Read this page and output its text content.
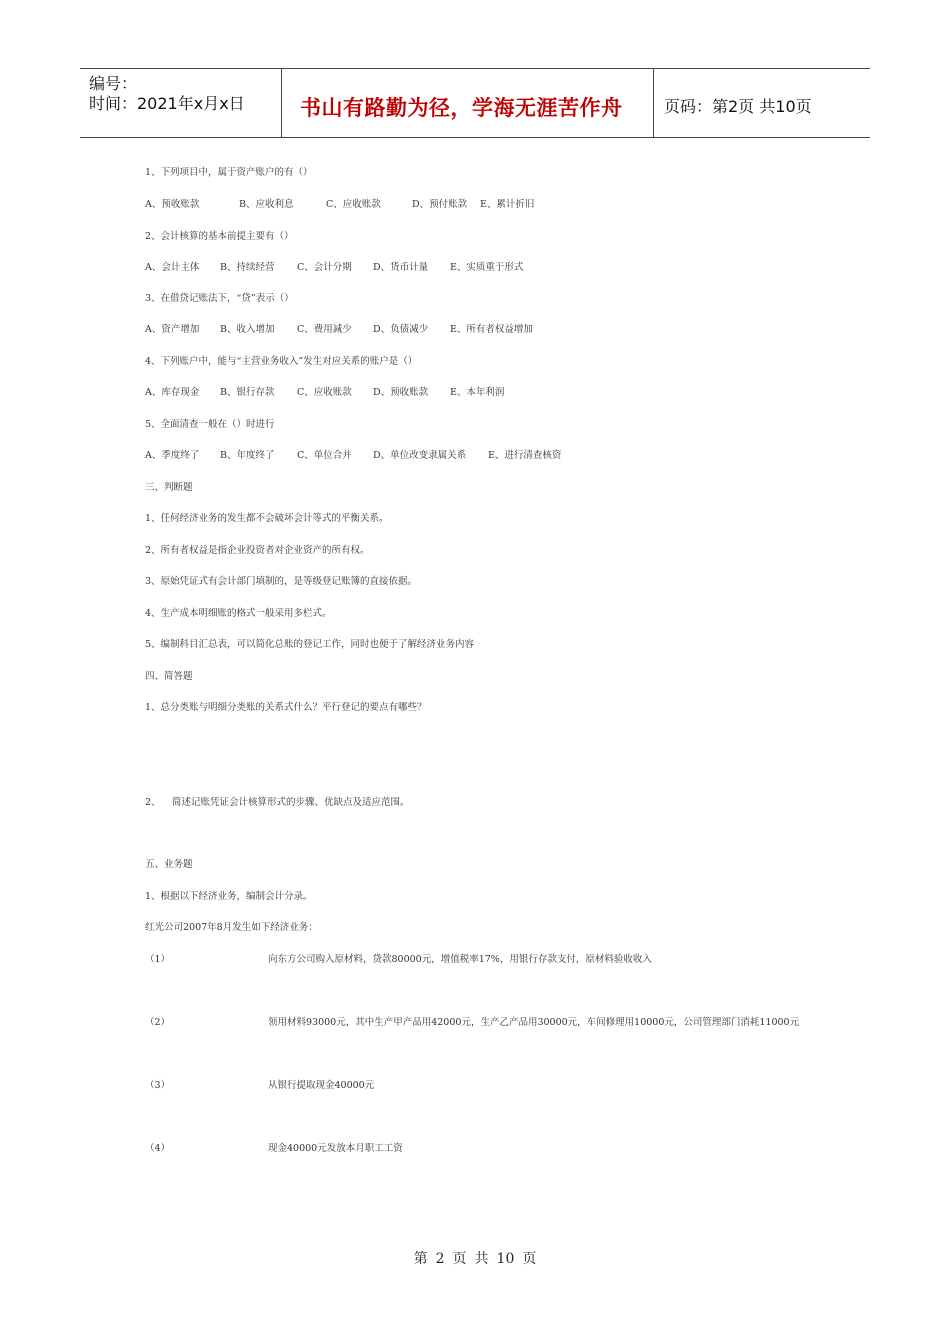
编号：
时间：2021年x月x日	书山有路勤为径，学海无涯苦作舟	页码：第2页 共10页
1、下列项目中，属于资产账户的有（）
A、预收账款	B、应收利息	C、应收账款	D、预付账款 E、累计折旧
2、会计核算的基本前提主要有（）
A、会计主体 B、持续经营 C、会计分期 D、货币计量 E、实质重于形式
3、在借贷记账法下，“贷”表示（）
A、资产增加 B、收入增加 C、费用减少 D、负债减少 E、所有者权益增加
4、下列账户中，能与“主营业务收入”发生对应关系的账户是（）
A、库存现金 B、银行存款 C、应收账款 D、预收账款 E、本年利润
5、全面清查一般在（）时进行
A、季度终了 B、年度终了 C、单位合并 D、单位改变隶属关系 E、进行清查核资
三、判断题
1、任何经济业务的发生都不会破坏会计等式的平衡关系。
2、所有者权益是指企业投资者对企业资产的所有权。
3、原始凭证式有会计部门填制的，是等级登记账簿的直接依据。
4、生产成本明细账的格式一般采用多栏式。
5、编制科目汇总表，可以简化总账的登记工作，同时也便于了解经济业务内容
四、简答题
1、总分类账与明细分类账的关系式什么？平行登记的要点有哪些？
2、 简述记账凭证会计核算形式的步骤、优缺点及适应范围。
五、业务题
1、根据以下经济业务，编制会计分录。
红光公司2007年8月发生如下经济业务：
（1）	向东方公司购入原材料，贷款80000元，增值税率17%，用银行存款支付，原材料验收收入
（2）	领用材料93000元，其中生产甲产品用42000元，生产乙产品用30000元，车间修理用10000元，公司管理部门消耗11000元
（3）	从银行提取现金40000元
（4）	现金40000元发放本月职工工资
第 2 页 共 10 页
